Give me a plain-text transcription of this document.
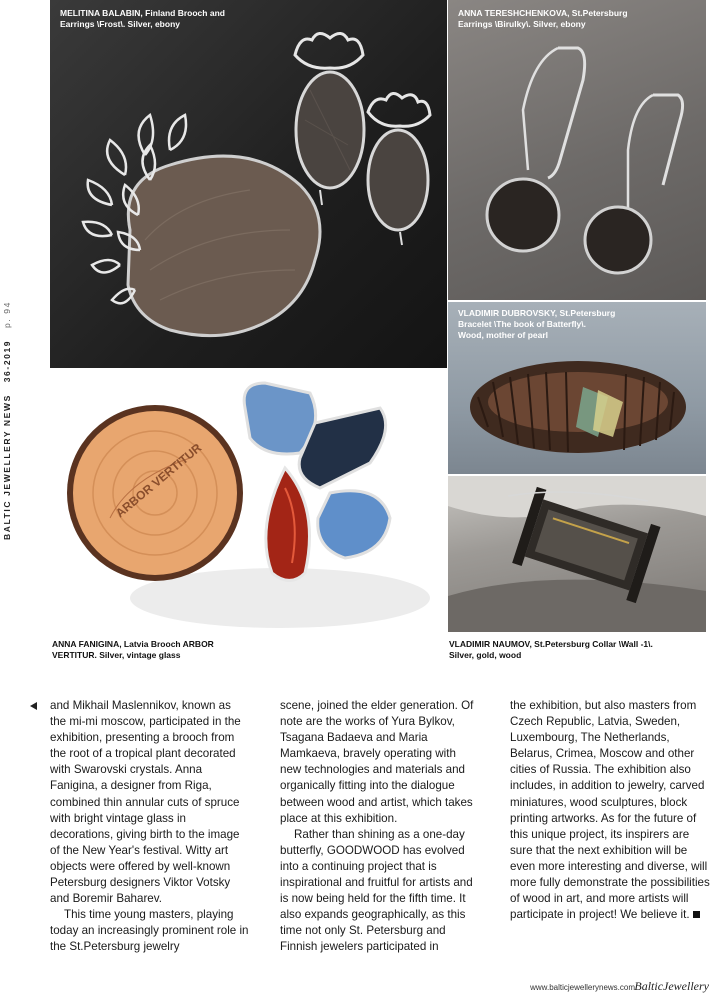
BALTIC JEWELLERY NEWS   36-2019   p. 94
MELITINA BALABIN, Finland Brooch and
Earrings \Frost\. Silver, ebony
ANNA TERESHCHENKOVA, St.Petersburg
Earrings \Birulky\. Silver, ebony
VLADIMIR DUBROVSKY, St.Petersburg
Bracelet \The book of Batterfly\.
Wood, mother of pearl
ARBOR VERTITUR
ANNA FANIGINA, Latvia Brooch ARBOR
VERTITUR. Silver, vintage glass
VLADIMIR NAUMOV, St.Petersburg Collar \Wall -1\.
Silver, gold, wood

and Mikhail Maslennikov, known as the mi-mi moscow, participated in the exhibition, presenting a brooch from the root of a tropical plant decorated with Swarovski crystals. Anna Fanigina, a designer from Riga, combined thin annular cuts of spruce with bright vintage glass in decorations, giving birth to the image of the New Year's festival. Witty art objects were offered by well-known Petersburg designers Viktor Votsky and Boremir Baharev.

This time young masters, playing today an increasingly prominent role in the St.Petersburg jewelry

scene, joined the elder generation. Of note are the works of Yura Bylkov, Tsagana Badaeva and Maria Mamkaeva, bravely operating with new technologies and materials and organically fitting into the dialogue between wood and artist, which takes place at this exhibition.

Rather than shining as a one-day butterfly, GOODWOOD has evolved into a continuing project that is inspirational and fruitful for artists and is now being held for the fifth time. It also expands geographically, as this time not only St. Petersburg and Finnish jewelers participated in

the exhibition, but also masters from Czech Republic, Latvia, Sweden, Luxembourg, The Netherlands, Belarus, Crimea, Moscow and other cities of Russia. The exhibition also includes, in addition to jewelry, carved miniatures, wood sculptures, block printing artworks. As for the future of this unique project, its inspirers are sure that the next exhibition will be even more interesting and diverse, will more fully demonstrate the possibilities of wood in art, and more artists will participate in project! We believe it.

www.balticjewellerynews.com BalticJewellery
